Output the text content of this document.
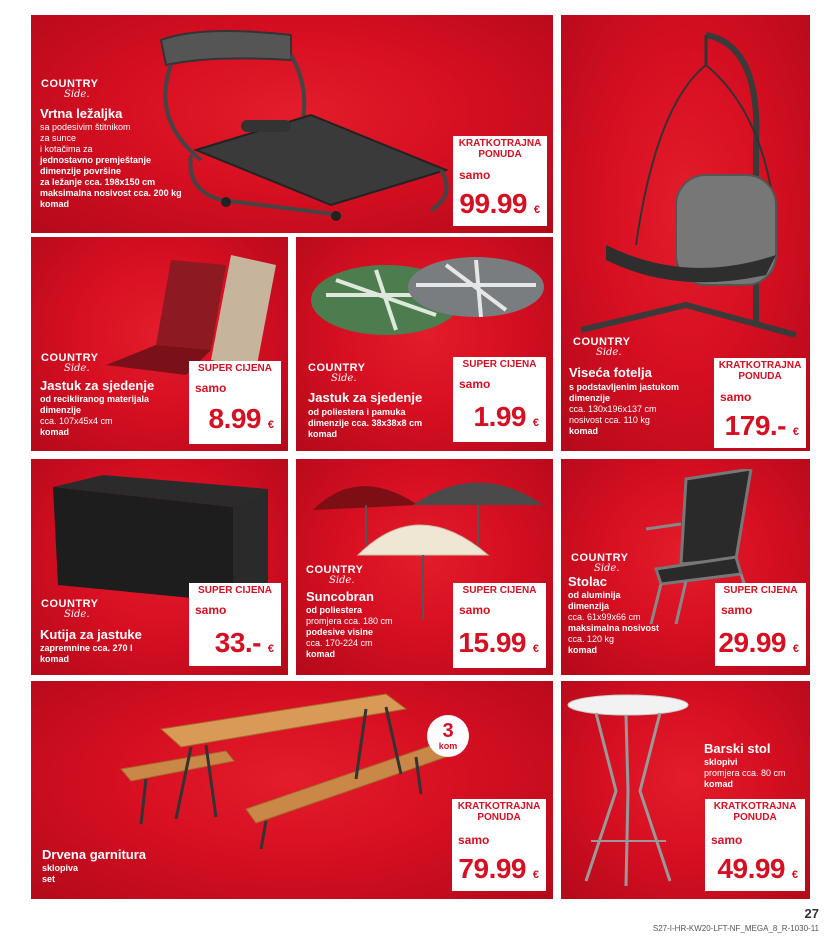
COUNTRY
Side.
Vrtna ležaljka
sa podesivim štitnikom
za sunce
i kotačima za
jednostavno premještanje
dimenzije površine
za ležanje cca. 198x150 cm
maksimalna nosivost cca. 200 kg
komad
KRATKOTRAJNA
PONUDA
samo
99.99 €
COUNTRY
Side.
Viseća fotelja
s podstavljenim jastukom
dimenzije
cca. 130x196x137 cm
nosivost cca. 110 kg
komad
KRATKOTRAJNA
PONUDA
samo
179.- €
COUNTRY
Side.
Jastuk za sjedenje
od recikliranog materijala
dimenzije
cca. 107x45x4 cm
komad
SUPER CIJENA
samo
8.99 €
COUNTRY
Side.
Jastuk za sjedenje
od poliestera i pamuka
dimenzije cca. 38x38x8 cm
komad
SUPER CIJENA
samo
1.99 €
COUNTRY
Side.
Kutija za jastuke
zapremnine cca. 270 l
komad
SUPER CIJENA
samo
33.- €
COUNTRY
Side.
Suncobran
od poliestera
promjera cca. 180 cm
podesive visine
cca. 170-224 cm
komad
SUPER CIJENA
samo
15.99 €
COUNTRY
Side.
Stolac
od aluminija
dimenzija
cca. 61x99x66 cm
maksimalna nosivost
cca. 120 kg
komad
SUPER CIJENA
samo
29.99 €
3
kom
Drvena garnitura
sklopiva
set
KRATKOTRAJNA
PONUDA
samo
79.99 €
Barski stol
sklopivi
promjera cca. 80 cm
komad
KRATKOTRAJNA
PONUDA
samo
49.99 €
27
S27-I-HR-KW20-LFT-NF_MEGA_8_R-1030-11
